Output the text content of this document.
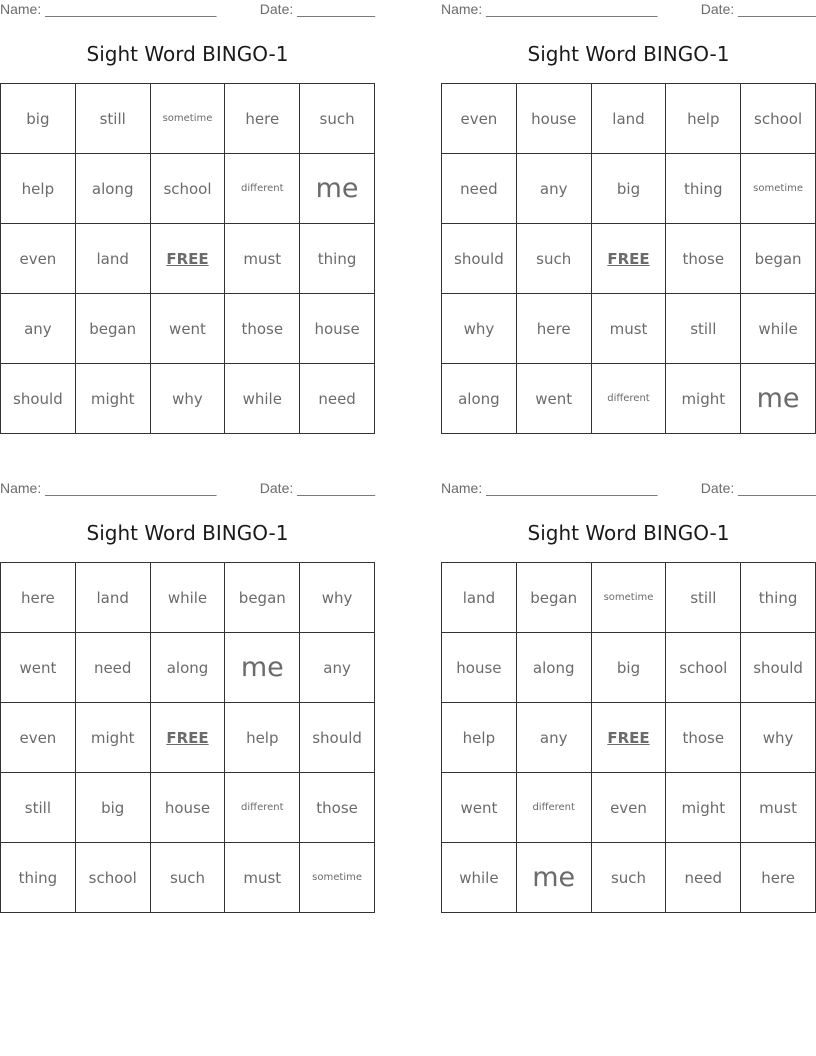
Name: ______________________	Date: __________
Sight Word BINGO-1
big	still	sometime	here	such
help	along	school	different	me
even	land	FREE	must	thing
any	began	went	those	house
should	might	why	while	need
Name: ______________________	Date: __________
Sight Word BINGO-1
even	house	land	help	school
need	any	big	thing	sometime
should	such	FREE	those	began
why	here	must	still	while
along	went	different	might	me
Name: ______________________	Date: __________
Sight Word BINGO-1
here	land	while	began	why
went	need	along	me	any
even	might	FREE	help	should
still	big	house	different	those
thing	school	such	must	sometime
Name: ______________________	Date: __________
Sight Word BINGO-1
land	began	sometime	still	thing
house	along	big	school	should
help	any	FREE	those	why
went	different	even	might	must
while	me	such	need	here
